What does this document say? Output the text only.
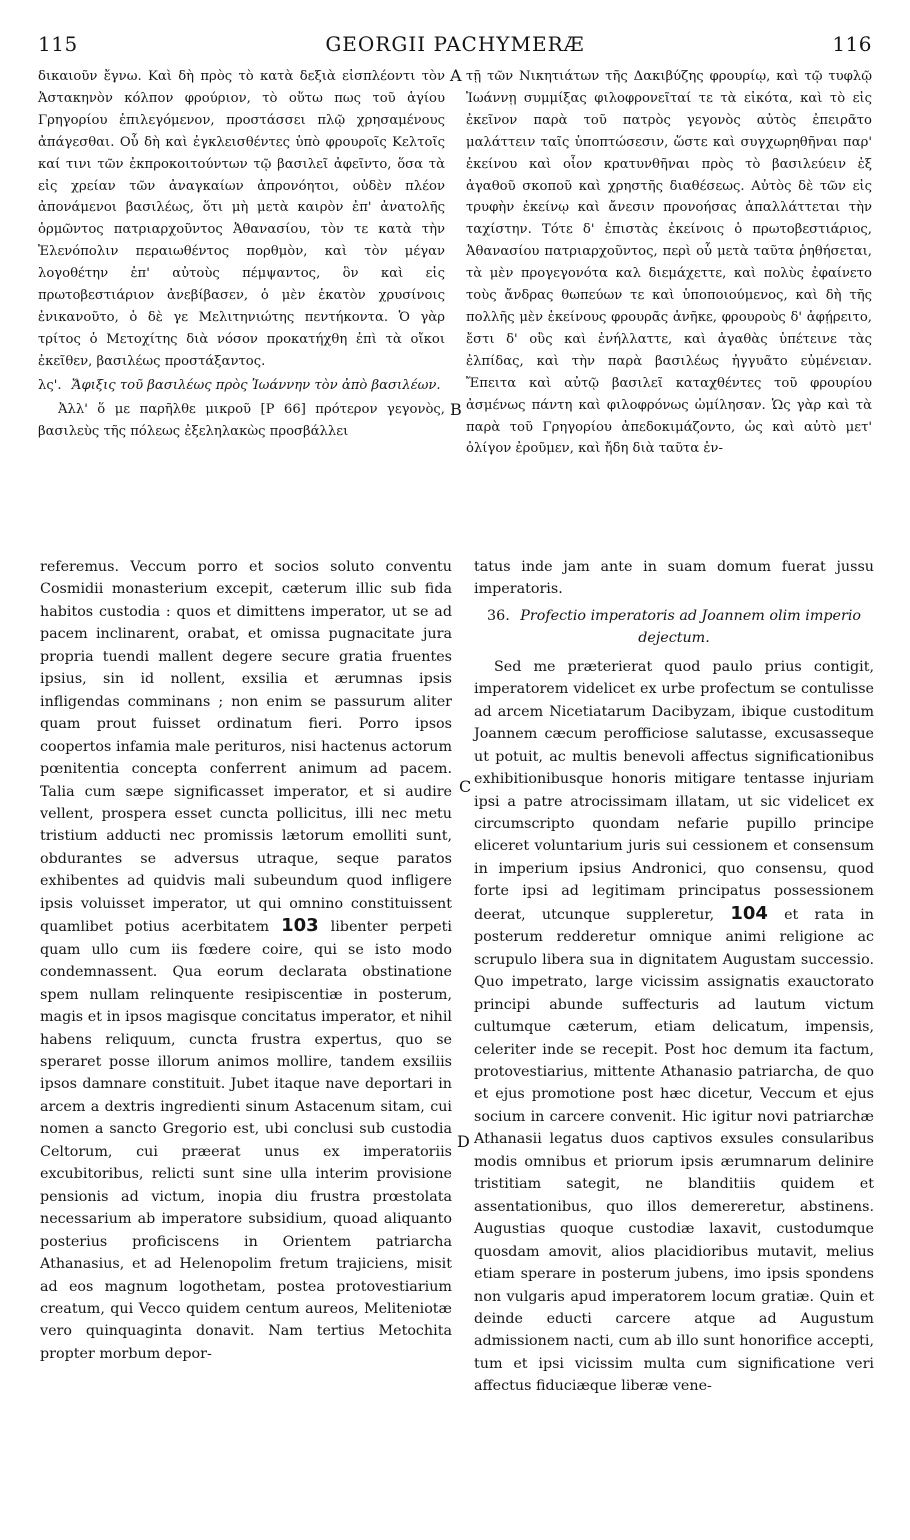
115	GEORGII PACHYMERÆ	116
A
B
C
D

δικαιοῦν ἔγνω. Καὶ δὴ πρὸς τὸ κατὰ δεξιὰ εἰσπλέοντι τὸν Ἀστακηνὸν κόλπον φρούριον, τὸ οὕτω πως τοῦ ἁγίου Γρηγορίου ἐπιλεγόμενον, προστάσσει πλῷ χρησαμένους ἀπάγεσθαι. Οὗ δὴ καὶ ἐγκλεισθέντες ὑπὸ φρουροῖς Κελτοῖς καί τινι τῶν ἐκπροκοιτούντων τῷ βασιλεῖ ἀφεῖντο, ὅσα τὰ εἰς χρείαν τῶν ἀναγκαίων ἀπρονόητοι, οὐδὲν πλέον ἀπονάμενοι βασιλέως, ὅτι μὴ μετὰ καιρὸν ἐπ' ἀνατολῆς ὁρμῶντος πατριαρχοῦντος Ἀθανασίου, τὸν τε κατὰ τὴν Ἑλενόπολιν περαιωθέντος πορθμὸν, καὶ τὸν μέγαν λογοθέτην ἐπ' αὐτοὺς πέμψαντος, ὃν καὶ εἰς πρωτοβεστιάριον ἀνεβίβασεν, ὁ μὲν ἑκατὸν χρυσίνοις ἐνικανοῦτο, ὁ δὲ γε Μελιτηνιώτης πεντήκοντα. Ὁ γὰρ τρίτος ὁ Μετοχίτης διὰ νόσον προκατήχθη ἐπὶ τὰ οἴκοι ἐκεῖθεν, βασιλέως προστάξαντος.

λς'. Ἄφιξις τοῦ βασιλέως πρὸς Ἰωάννην τὸν ἀπὸ βασιλέων.

Ἀλλ' ὅ με παρῆλθε μικροῦ [P 66] πρότερον γεγονὸς, βασιλεὺς τῆς πόλεως ἐξεληλακὼς προσβάλλει

τῇ τῶν Νικητιάτων τῆς Δακιβύζης φρουρίῳ, καὶ τῷ τυφλῷ Ἰωάννῃ συμμίξας φιλοφρονεῖταί τε τὰ εἰκότα, καὶ τὸ εἰς ἐκεῖνον παρὰ τοῦ πατρὸς γεγονὸς αὐτὸς ἐπειρᾶτο μαλάττειν ταῖς ὑποπτώσεσιν, ὥστε καὶ συγχωρηθῆναι παρ' ἐκείνου καὶ οἷον κρατυνθῆναι πρὸς τὸ βασιλεύειν ἐξ ἀγαθοῦ σκοποῦ καὶ χρηστῆς διαθέσεως. Αὐτὸς δὲ τῶν εἰς τρυφὴν ἐκείνῳ καὶ ἄνεσιν προνοήσας ἀπαλλάττεται τὴν ταχίστην. Τότε δ' ἐπιστὰς ἐκείνοις ὁ πρωτοβεστιάριος, Ἀθανασίου πατριαρχοῦντος, περὶ οὗ μετὰ ταῦτα ῥηθήσεται, τὰ μὲν προγεγονότα καλ διεμάχεττε, καὶ πολὺς ἐφαίνετο τοὺς ἄνδρας θωπεύων τε καὶ ὑποποιούμενος, καὶ δὴ τῆς πολλῆς μὲν ἐκείνους φρουρᾶς ἀνῆκε, φρουροὺς δ' ἀφῄρειτο, ἔστι δ' οὓς καὶ ἐνήλλαττε, καὶ ἀγαθὰς ὑπέτεινε τὰς ἐλπίδας, καὶ τὴν παρὰ βασιλέως ἠγγυᾶτο εὐμένειαν. Ἔπειτα καὶ αὐτῷ βασιλεῖ καταχθέντες τοῦ φρουρίου ἀσμένως πάντη καὶ φιλοφρόνως ὡμίλησαν. Ὡς γὰρ καὶ τὰ παρὰ τοῦ Γρηγορίου ἀπεδοκιμάζοντο, ὡς καὶ αὐτὸ μετ' ὀλίγον ἐροῦμεν, καὶ ἤδη διὰ ταῦτα ἐν-

referemus. Veccum porro et socios soluto conventu Cosmidii monasterium excepit, cæterum illic sub fida habitos custodia : quos et dimittens imperator, ut se ad pacem inclinarent, orabat, et omissa pugnacitate jura propria tuendi mallent degere secure gratia fruentes ipsius, sin id nollent, exsilia et ærumnas ipsis infligendas comminans ; non enim se passurum aliter quam prout fuisset ordinatum fieri. Porro ipsos coopertos infamia male perituros, nisi hactenus actorum pœnitentia concepta conferrent animum ad pacem. Talia cum sæpe significasset imperator, et si audire vellent, prospera esset cuncta pollicitus, illi nec metu tristium adducti nec promissis lætorum emolliti sunt, obdurantes se adversus utraque, seque paratos exhibentes ad quidvis mali subeundum quod infligere ipsis voluisset imperator, ut qui omnino constituissent quamlibet potius acerbitatem 103 libenter perpeti quam ullo cum iis fœdere coire, qui se isto modo condemnassent. Qua eorum declarata obstinatione spem nullam relinquente resipiscentiæ in posterum, magis et in ipsos magisque concitatus imperator, et nihil habens reliquum, cuncta frustra expertus, quo se speraret posse illorum animos mollire, tandem exsiliis ipsos damnare constituit. Jubet itaque nave deportari in arcem a dextris ingredienti sinum Astacenum sitam, cui nomen a sancto Gregorio est, ubi conclusi sub custodia Celtorum, cui præerat unus ex imperatoriis excubitoribus, relicti sunt sine ulla interim provisione pensionis ad victum, inopia diu frustra prœstolata necessarium ab imperatore subsidium, quoad aliquanto posterius proficiscens in Orientem patriarcha Athanasius, et ad Helenopolim fretum trajiciens, misit ad eos magnum logothetam, postea protovestiarium creatum, qui Vecco quidem centum aureos, Meliteniotæ vero quinquaginta donavit. Nam tertius Metochita propter morbum depor-

tatus inde jam ante in suam domum fuerat jussu imperatoris.

36. Profectio imperatoris ad Joannem olim imperio dejectum.

Sed me præterierat quod paulo prius contigit, imperatorem videlicet ex urbe profectum se contulisse ad arcem Nicetiatarum Dacibyzam, ibique custoditum Joannem cæcum perofficiose salutasse, excusasseque ut potuit, ac multis benevoli affectus significationibus exhibitionibusque honoris mitigare tentasse injuriam ipsi a patre atrocissimam illatam, ut sic videlicet ex circumscripto quondam nefarie pupillo principe eliceret voluntarium juris sui cessionem et consensum in imperium ipsius Andronici, quo consensu, quod forte ipsi ad legitimam principatus possessionem deerat, utcunque suppleretur, 104 et rata in posterum redderetur omnique animi religione ac scrupulo libera sua in dignitatem Augustam successio. Quo impetrato, large vicissim assignatis exauctorato principi abunde suffecturis ad lautum victum cultumque cæterum, etiam delicatum, impensis, celeriter inde se recepit. Post hoc demum ita factum, protovestiarius, mittente Athanasio patriarcha, de quo et ejus promotione post hæc dicetur, Veccum et ejus socium in carcere convenit. Hic igitur novi patriarchæ Athanasii legatus duos captivos exsules consularibus modis omnibus et priorum ipsis ærumnarum delinire tristitiam sategit, ne blanditiis quidem et assentationibus, quo illos demereretur, abstinens. Augustias quoque custodiæ laxavit, custodumque quosdam amovit, alios placidioribus mutavit, melius etiam sperare in posterum jubens, imo ipsis spondens non vulgaris apud imperatorem locum gratiæ. Quin et deinde educti carcere atque ad Augustum admissionem nacti, cum ab illo sunt honorifice accepti, tum et ipsi vicissim multa cum significatione veri affectus fiduciæque liberæ vene-
